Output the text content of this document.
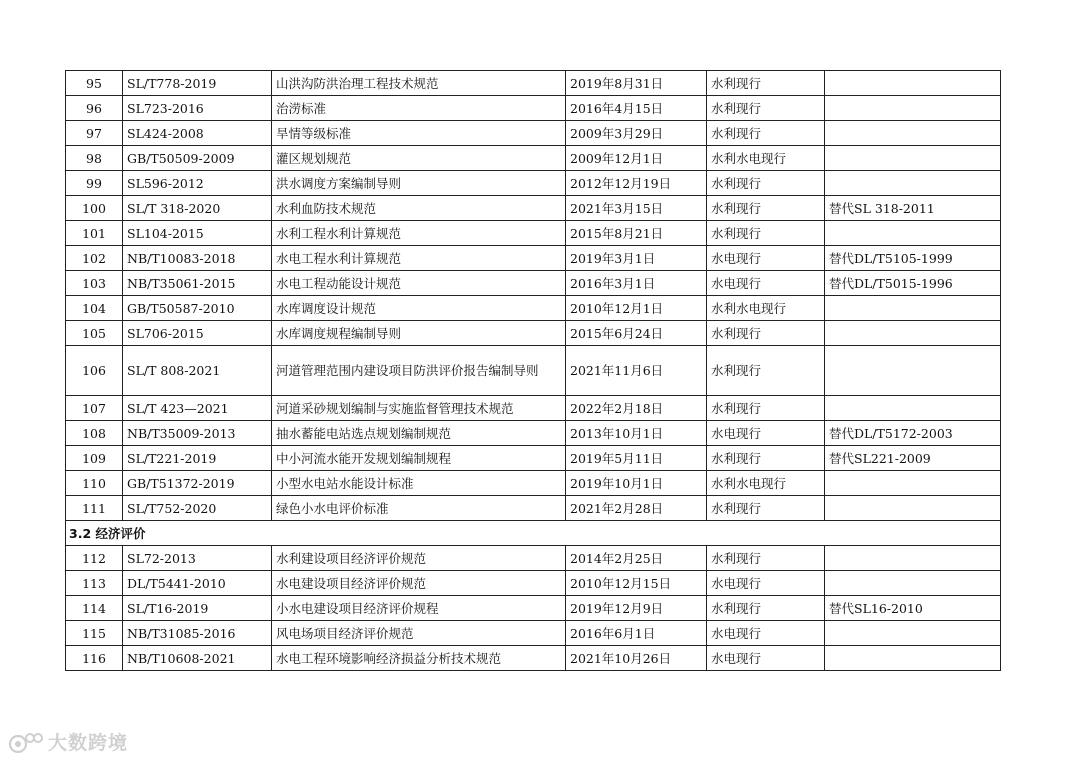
95	SL/T778-2019	山洪沟防洪治理工程技术规范	2019年8月31日	水利现行	
96	SL723-2016	治涝标准	2016年4月15日	水利现行	
97	SL424-2008	旱情等级标准	2009年3月29日	水利现行	
98	GB/T50509-2009	灌区规划规范	2009年12月1日	水利水电现行	
99	SL596-2012	洪水调度方案编制导则	2012年12月19日	水利现行	
100	SL/T 318-2020	水利血防技术规范	2021年3月15日	水利现行	替代SL 318-2011
101	SL104-2015	水利工程水利计算规范	2015年8月21日	水利现行	
102	NB/T10083-2018	水电工程水利计算规范	2019年3月1日	水电现行	替代DL/T5105-1999
103	NB/T35061-2015	水电工程动能设计规范	2016年3月1日	水电现行	替代DL/T5015-1996
104	GB/T50587-2010	水库调度设计规范	2010年12月1日	水利水电现行	
105	SL706-2015	水库调度规程编制导则	2015年6月24日	水利现行	
106	SL/T 808-2021	河道管理范围内建设项目防洪评价报告编制导则	2021年11月6日	水利现行	
107	SL/T 423—2021	河道采砂规划编制与实施监督管理技术规范	2022年2月18日	水利现行	
108	NB/T35009-2013	抽水蓄能电站选点规划编制规范	2013年10月1日	水电现行	替代DL/T5172-2003
109	SL/T221-2019	中小河流水能开发规划编制规程	2019年5月11日	水利现行	替代SL221-2009
110	GB/T51372-2019	小型水电站水能设计标准	2019年10月1日	水利水电现行	
111	SL/T752-2020	绿色小水电评价标准	2021年2月28日	水利现行	
3.2 经济评价					
112	SL72-2013	水利建设项目经济评价规范	2014年2月25日	水利现行	
113	DL/T5441-2010	水电建设项目经济评价规范	2010年12月15日	水电现行	
114	SL/T16-2019	小水电建设项目经济评价规程	2019年12月9日	水利现行	替代SL16-2010
115	NB/T31085-2016	风电场项目经济评价规范	2016年6月1日	水电现行	
116	NB/T10608-2021	水电工程环境影响经济损益分析技术规范	2021年10月26日	水电现行	
大数跨境
